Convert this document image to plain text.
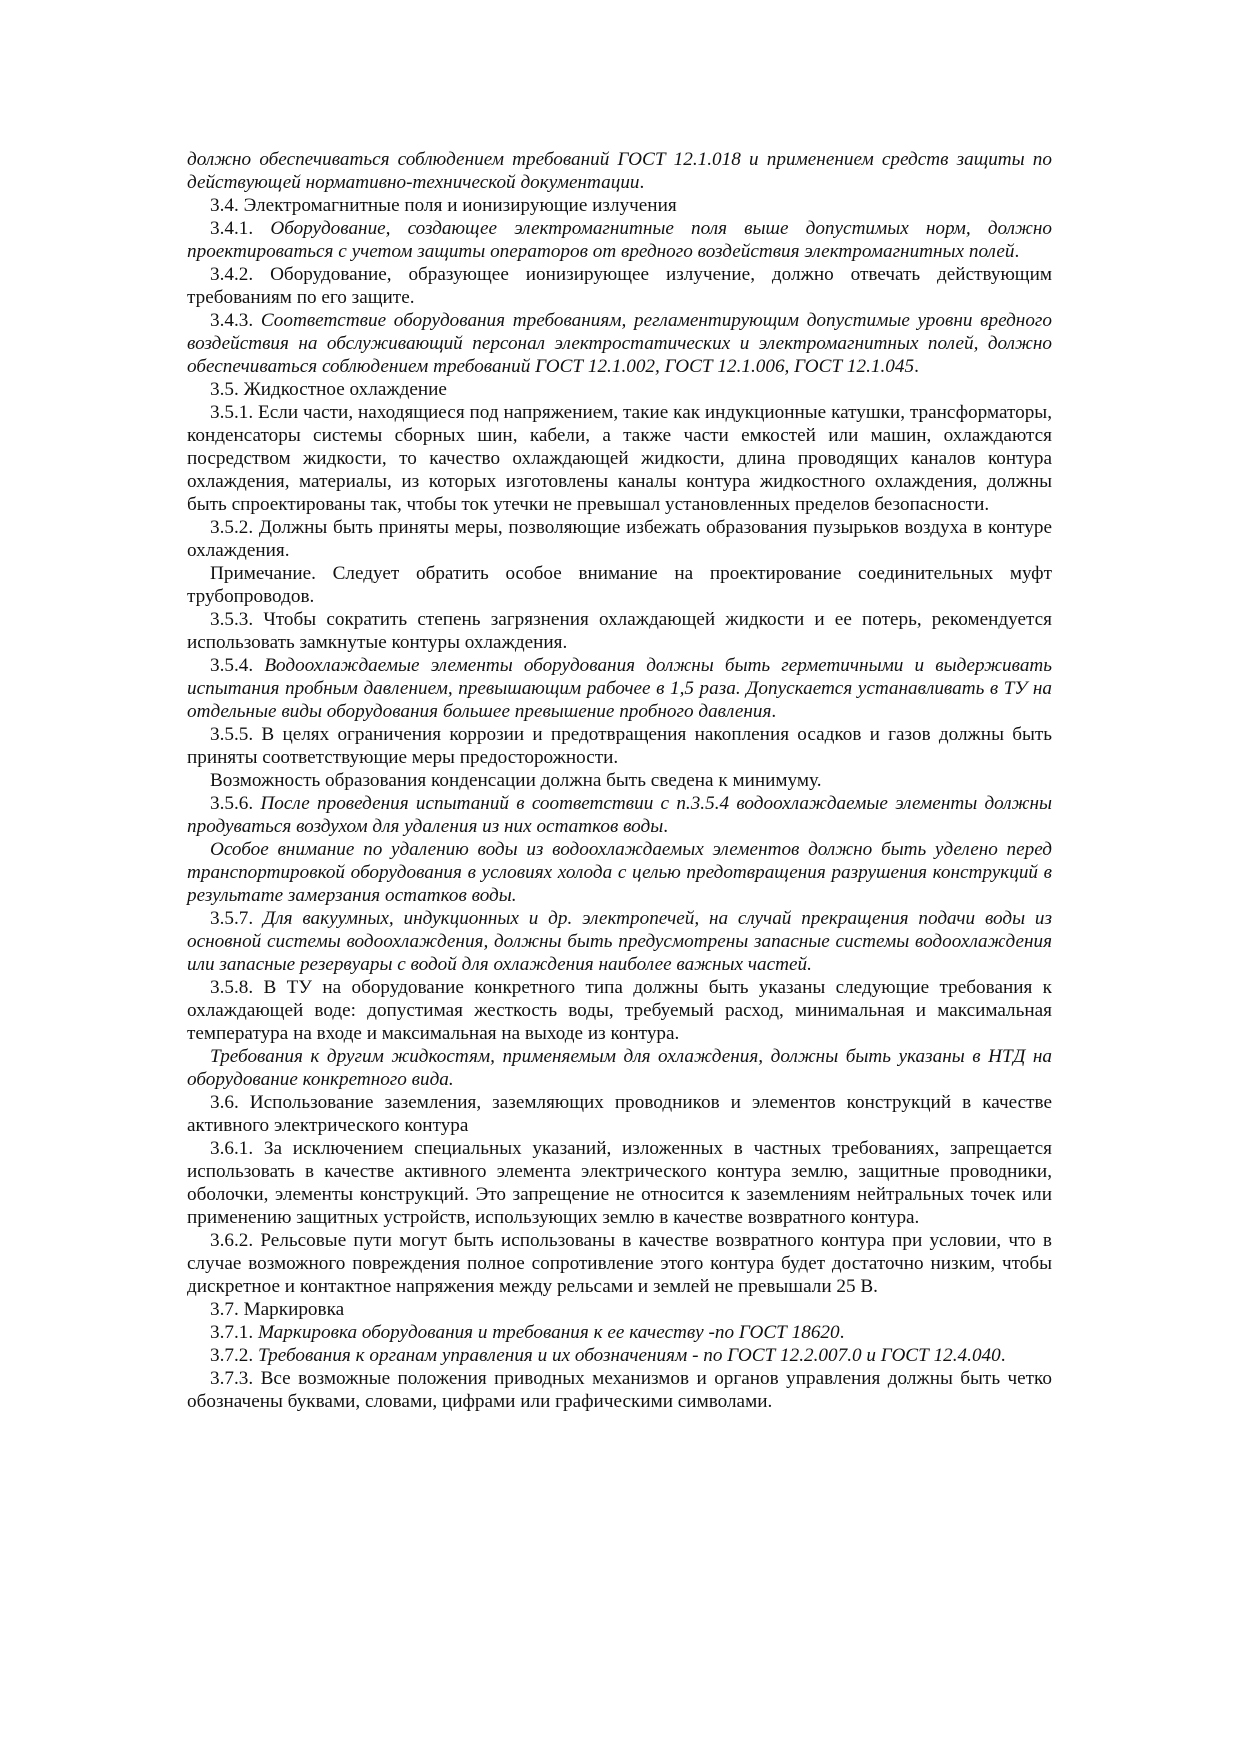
должно обеспечиваться соблюдением требований ГОСТ 12.1.018 и применением средств защиты по действующей нормативно-технической документации.

3.4. Электромагнитные поля и ионизирующие излучения

3.4.1. Оборудование, создающее электромагнитные поля выше допустимых норм, должно проектироваться с учетом защиты операторов от вредного воздействия электромагнитных полей.

3.4.2. Оборудование, образующее ионизирующее излучение, должно отвечать действующим требованиям по его защите.

3.4.3. Соответствие оборудования требованиям, регламентирующим допустимые уровни вредного воздействия на обслуживающий персонал электростатических и электромагнитных полей, должно обеспечиваться соблюдением требований ГОСТ 12.1.002, ГОСТ 12.1.006, ГОСТ 12.1.045.

3.5. Жидкостное охлаждение

3.5.1. Если части, находящиеся под напряжением, такие как индукционные катушки, трансформаторы, конденсаторы системы сборных шин, кабели, а также части емкостей или машин, охлаждаются посредством жидкости, то качество охлаждающей жидкости, длина проводящих каналов контура охлаждения, материалы, из которых изготовлены каналы контура жидкостного охлаждения, должны быть спроектированы так, чтобы ток утечки не превышал установленных пределов безопасности.

3.5.2. Должны быть приняты меры, позволяющие избежать образования пузырьков воздуха в контуре охлаждения.

Примечание. Следует обратить особое внимание на проектирование соединительных муфт трубопроводов.

3.5.3. Чтобы сократить степень загрязнения охлаждающей жидкости и ее потерь, рекомендуется использовать замкнутые контуры охлаждения.

3.5.4. Водоохлаждаемые элементы оборудования должны быть герметичными и выдерживать испытания пробным давлением, превышающим рабочее в 1,5 раза. Допускается устанавливать в ТУ на отдельные виды оборудования большее превышение пробного давления.

3.5.5. В целях ограничения коррозии и предотвращения накопления осадков и газов должны быть приняты соответствующие меры предосторожности.

Возможность образования конденсации должна быть сведена к минимуму.

3.5.6. После проведения испытаний в соответствии с п.3.5.4 водоохлаждаемые элементы должны продуваться воздухом для удаления из них остатков воды.

Особое внимание по удалению воды из водоохлаждаемых элементов должно быть уделено перед транспортировкой оборудования в условиях холода с целью предотвращения разрушения конструкций в результате замерзания остатков воды.

3.5.7. Для вакуумных, индукционных и др. электропечей, на случай прекращения подачи воды из основной системы водоохлаждения, должны быть предусмотрены запасные системы водоохлаждения или запасные резервуары с водой для охлаждения наиболее важных частей.

3.5.8. В ТУ на оборудование конкретного типа должны быть указаны следующие требования к охлаждающей воде: допустимая жесткость воды, требуемый расход, минимальная и максимальная температура на входе и максимальная на выходе из контура.

Требования к другим жидкостям, применяемым для охлаждения, должны быть указаны в НТД на оборудование конкретного вида.

3.6. Использование заземления, заземляющих проводников и элементов конструкций в качестве активного электрического контура

3.6.1. За исключением специальных указаний, изложенных в частных требованиях, запрещается использовать в качестве активного элемента электрического контура землю, защитные проводники, оболочки, элементы конструкций. Это запрещение не относится к заземлениям нейтральных точек или применению защитных устройств, использующих землю в качестве возвратного контура.

3.6.2. Рельсовые пути могут быть использованы в качестве возвратного контура при условии, что в случае возможного повреждения полное сопротивление этого контура будет достаточно низким, чтобы дискретное и контактное напряжения между рельсами и землей не превышали 25 В.

3.7. Маркировка

3.7.1. Маркировка оборудования и требования к ее качеству -по ГОСТ 18620.

3.7.2. Требования к органам управления и их обозначениям - по ГОСТ 12.2.007.0 и ГОСТ 12.4.040.

3.7.3. Все возможные положения приводных механизмов и органов управления должны быть четко обозначены буквами, словами, цифрами или графическими символами.
